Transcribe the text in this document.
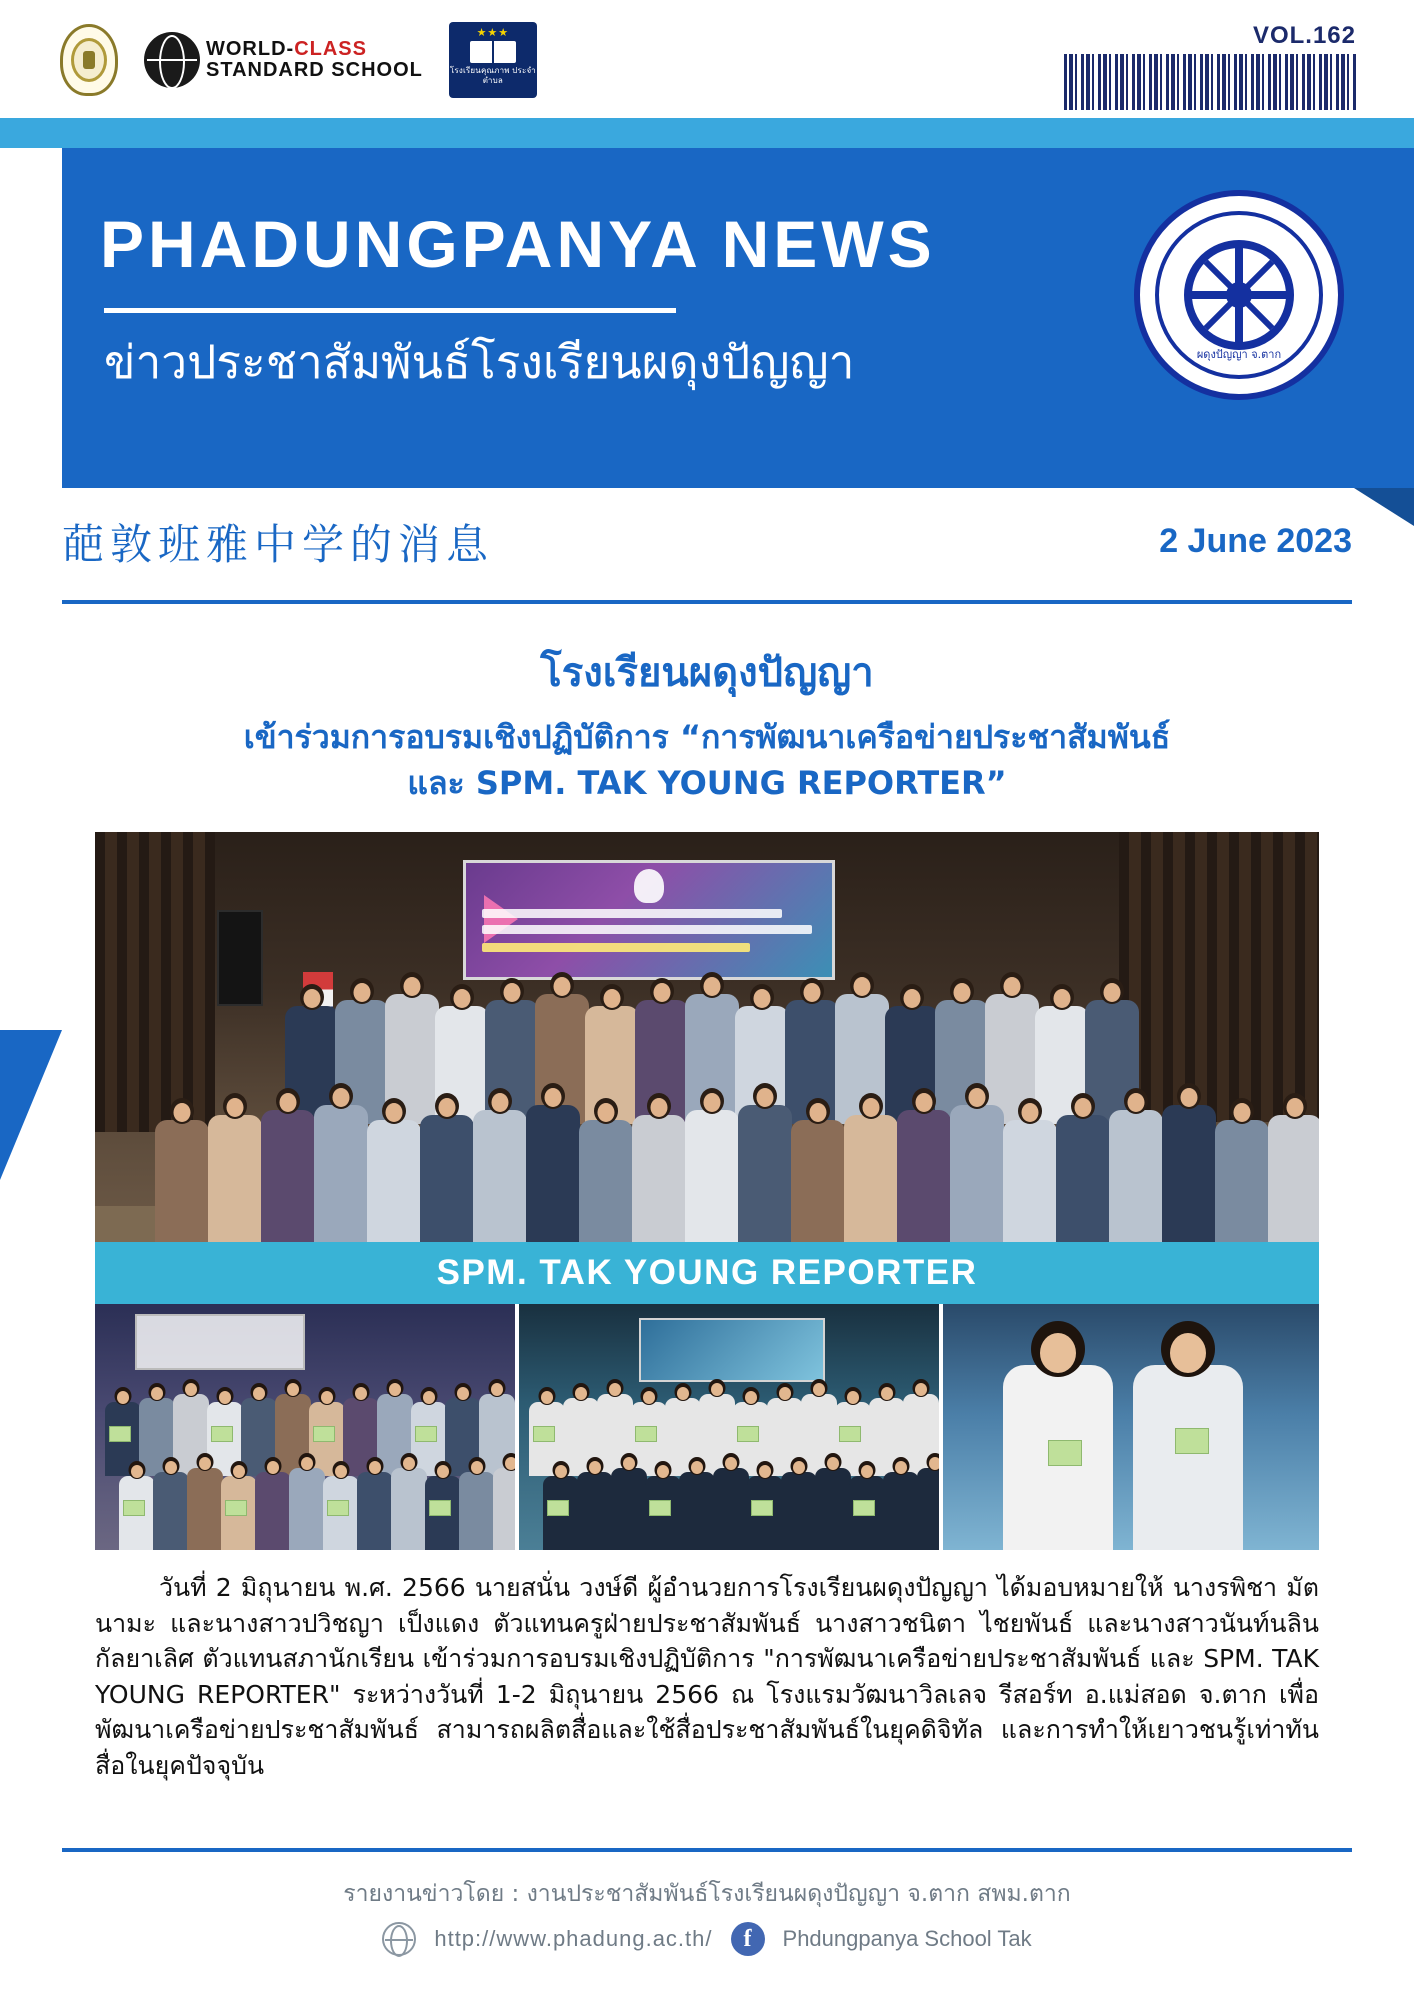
WORLD-CLASS
STANDARD SCHOOL
★★★
โรงเรียนคุณภาพ ประจำตำบล
VOL.162
PHADUNGPANYA NEWS
ข่าวประชาสัมพันธ์โรงเรียนผดุงปัญญา	ผดุงปัญญา จ.ตาก
葩敦班雅中学的消息	2 June 2023
โรงเรียนผดุงปัญญา
เข้าร่วมการอบรมเชิงปฏิบัติการ “การพัฒนาเครือข่ายประชาสัมพันธ์
และ SPM. TAK YOUNG REPORTER”
SPM. TAK YOUNG REPORTER
วันที่ 2 มิถุนายน พ.ศ. 2566 นายสนั่น วงษ์ดี ผู้อำนวยการโรงเรียนผดุงปัญญา ได้มอบหมายให้ นางรพิชา มัตนามะ และนางสาวปวิชญา เป็งแดง ตัวแทนครูฝ่ายประชาสัมพันธ์ นางสาวชนิตา ไชยพันธ์ และนางสาวนันท์นลิน กัลยาเลิศ ตัวแทนสภานักเรียน เข้าร่วมการอบรมเชิงปฏิบัติการ "การพัฒนาเครือข่ายประชาสัมพันธ์ และ SPM. TAK YOUNG REPORTER" ระหว่างวันที่ 1-2 มิถุนายน 2566 ณ โรงแรมวัฒนาวิลเลจ รีสอร์ท อ.แม่สอด จ.ตาก เพื่อพัฒนาเครือข่ายประชาสัมพันธ์ สามารถผลิตสื่อและใช้สื่อประชาสัมพันธ์ในยุคดิจิทัล และการทำให้เยาวชนรู้เท่าทันสื่อในยุคปัจจุบัน
รายงานข่าวโดย : งานประชาสัมพันธ์โรงเรียนผดุงปัญญา จ.ตาก สพม.ตาก
http://www.phadung.ac.th/	f	Phdungpanya School Tak
